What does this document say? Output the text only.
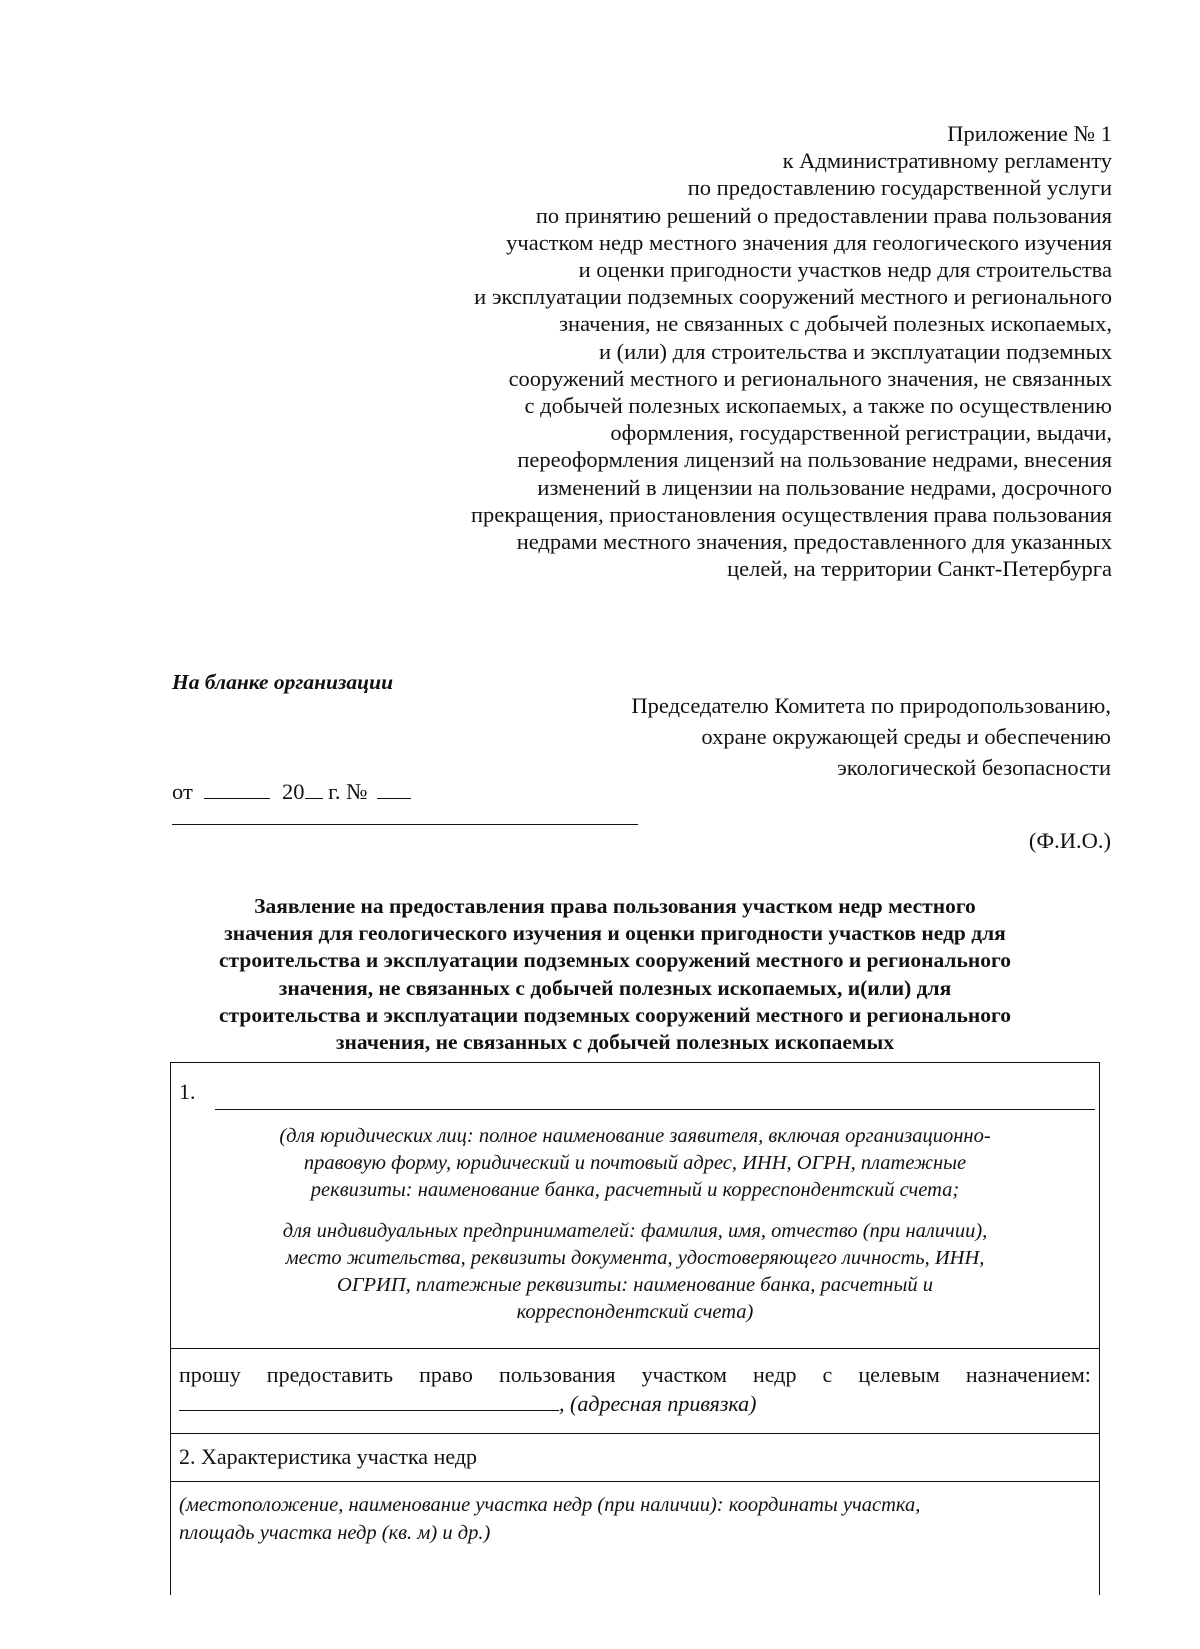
Приложение № 1
к Административному регламенту
по предоставлению государственной услуги
по принятию решений о предоставлении права пользования
участком недр местного значения для геологического изучения
и оценки пригодности участков недр для строительства
и эксплуатации подземных сооружений местного и регионального
значения, не связанных с добычей полезных ископаемых,
и (или) для строительства и эксплуатации подземных
сооружений местного и регионального значения, не связанных
с добычей полезных ископаемых, а также по осуществлению
оформления, государственной регистрации, выдачи,
переоформления лицензий на пользование недрами, внесения
изменений в лицензии на пользование недрами, досрочного
прекращения, приостановления осуществления права пользования
недрами местного значения, предоставленного для указанных
целей, на территории Санкт-Петербурга
На бланке организации
Председателю Комитета по природопользованию,
охране окружающей среды и обеспечению
экологической безопасности
от	20 г. №
(Ф.И.О.)
Заявление на предоставления права пользования участком недр местного
значения для геологического изучения и оценки пригодности участков недр для
строительства и эксплуатации подземных сооружений местного и регионального
значения, не связанных с добычей полезных ископаемых, и(или) для
строительства и эксплуатации подземных сооружений местного и регионального
значения, не связанных с добычей полезных ископаемых
1.
(для юридических лиц: полное наименование заявителя, включая организационно-
правовую форму, юридический и почтовый адрес, ИНН, ОГРН, платежные
реквизиты: наименование банка, расчетный и корреспондентский счета;
для индивидуальных предпринимателей: фамилия, имя, отчество (при наличии),
место жительства, реквизиты документа, удостоверяющего личность, ИНН,
ОГРИП, платежные реквизиты: наименование банка, расчетный и
корреспондентский счета)
прошу предоставить право пользования участком недр с целевым назначением:
, (адресная привязка)
2. Характеристика участка недр
(местоположение, наименование участка недр (при наличии): координаты участка,
площадь участка недр (кв. м) и др.)
